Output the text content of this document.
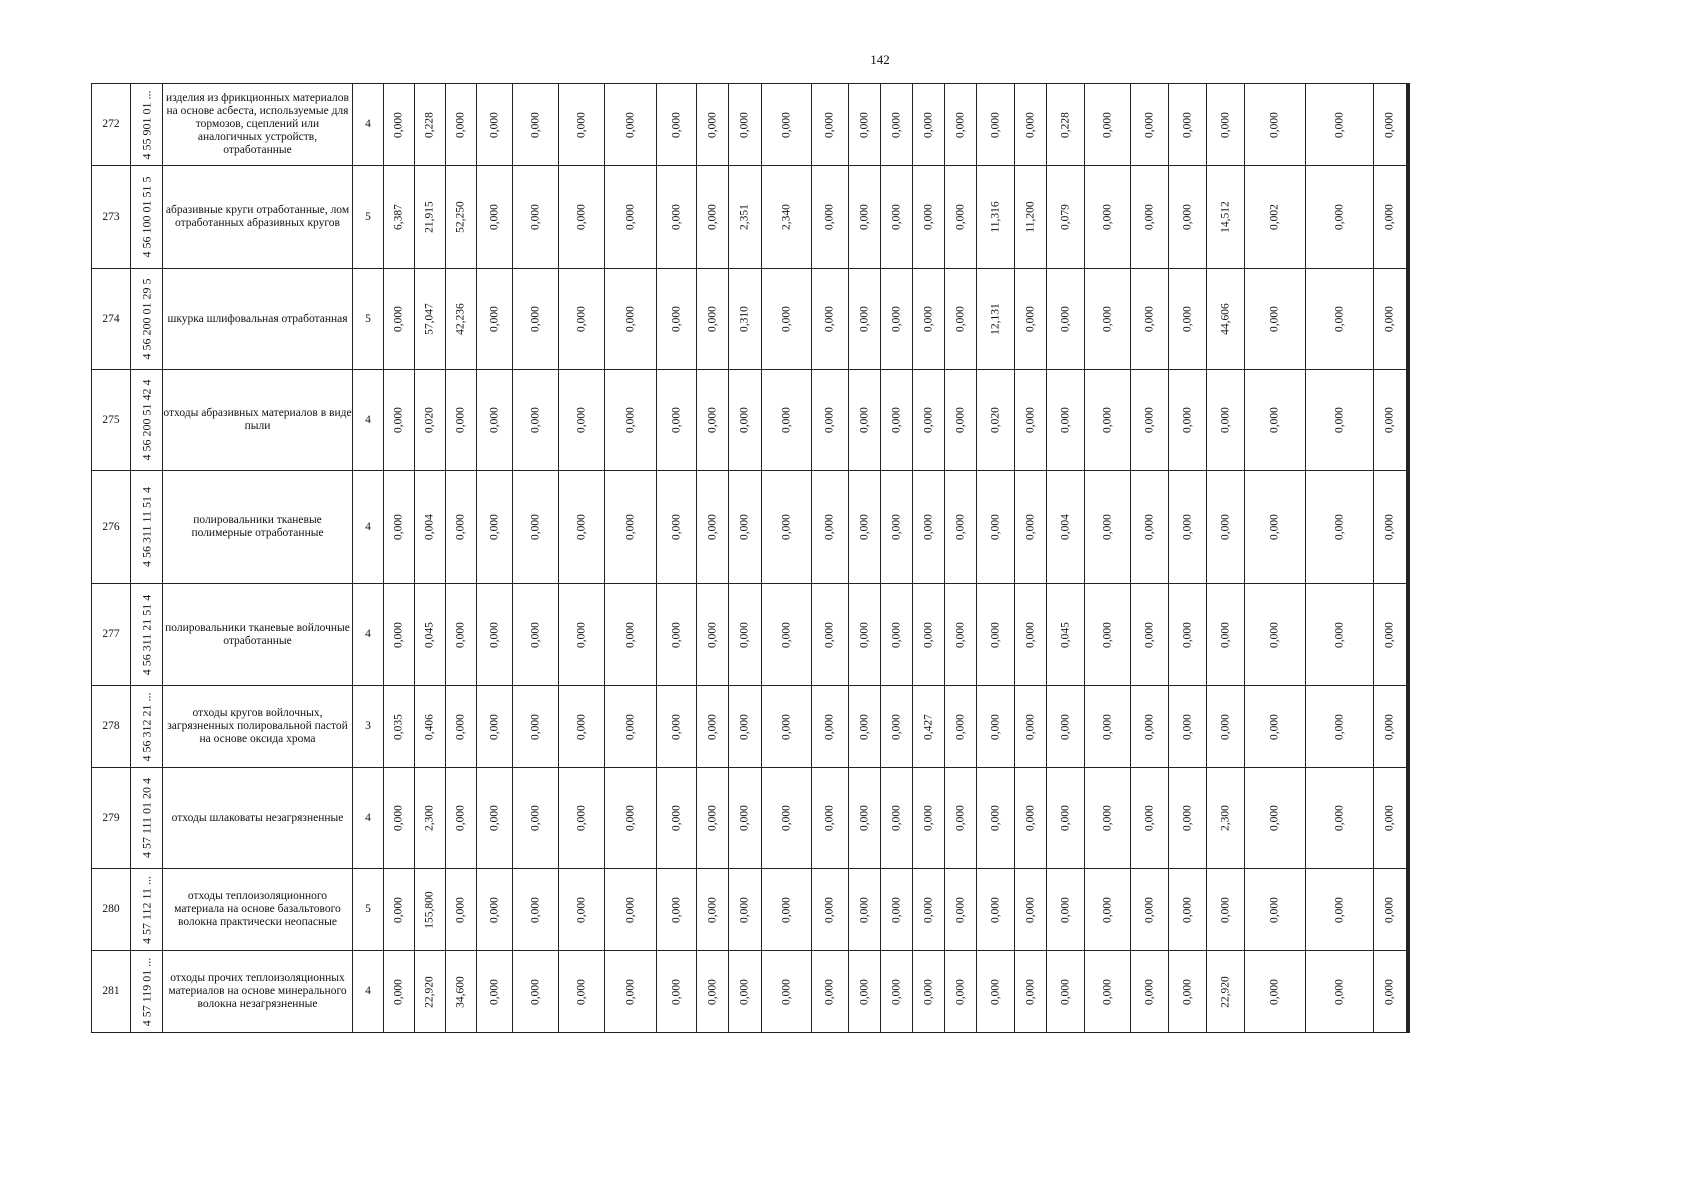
142
272	4 55 901 01 ...	изделия из фрикционных материалов на основе асбеста, используемые для тормозов, сцеплений или аналогичных устройств, отработанные	4	0,000	0,228	0,000	0,000	0,000	0,000	0,000	0,000	0,000	0,000	0,000	0,000	0,000	0,000	0,000	0,000	0,000	0,000	0,228	0,000	0,000	0,000	0,000	0,000	0,000	0,000

273	4 56 100 01 51 5	абразивные круги отработанные, лом отработанных абразивных кругов	5	6,387	21,915	52,250	0,000	0,000	0,000	0,000	0,000	0,000	2,351	2,340	0,000	0,000	0,000	0,000	0,000	11,316	11,200	0,079	0,000	0,000	0,000	14,512	0,002	0,000	0,000

274	4 56 200 01 29 5	шкурка шлифовальная отработанная	5	0,000	57,047	42,236	0,000	0,000	0,000	0,000	0,000	0,000	0,310	0,000	0,000	0,000	0,000	0,000	0,000	12,131	0,000	0,000	0,000	0,000	0,000	44,606	0,000	0,000	0,000

275	4 56 200 51 42 4	отходы абразивных материалов в виде пыли	4	0,000	0,020	0,000	0,000	0,000	0,000	0,000	0,000	0,000	0,000	0,000	0,000	0,000	0,000	0,000	0,000	0,020	0,000	0,000	0,000	0,000	0,000	0,000	0,000	0,000	0,000

276	4 56 311 11 51 4	полировальники тканевые полимерные отработанные	4	0,000	0,004	0,000	0,000	0,000	0,000	0,000	0,000	0,000	0,000	0,000	0,000	0,000	0,000	0,000	0,000	0,000	0,000	0,004	0,000	0,000	0,000	0,000	0,000	0,000	0,000

277	4 56 311 21 51 4	полировальники тканевые войлочные отработанные	4	0,000	0,045	0,000	0,000	0,000	0,000	0,000	0,000	0,000	0,000	0,000	0,000	0,000	0,000	0,000	0,000	0,000	0,000	0,045	0,000	0,000	0,000	0,000	0,000	0,000	0,000

278	4 56 312 21 ...	отходы кругов войлочных, загрязненных полировальной пастой на основе оксида хрома	3	0,035	0,406	0,000	0,000	0,000	0,000	0,000	0,000	0,000	0,000	0,000	0,000	0,000	0,000	0,427	0,000	0,000	0,000	0,000	0,000	0,000	0,000	0,000	0,000	0,000	0,000

279	4 57 111 01 20 4	отходы шлаковаты незагрязненные	4	0,000	2,300	0,000	0,000	0,000	0,000	0,000	0,000	0,000	0,000	0,000	0,000	0,000	0,000	0,000	0,000	0,000	0,000	0,000	0,000	0,000	0,000	2,300	0,000	0,000	0,000

280	4 57 112 11 ...	отходы теплоизоляционного материала на основе базальтового волокна практически неопасные	5	0,000	155,800	0,000	0,000	0,000	0,000	0,000	0,000	0,000	0,000	0,000	0,000	0,000	0,000	0,000	0,000	0,000	0,000	0,000	0,000	0,000	0,000	0,000	0,000	0,000	0,000

281	4 57 119 01 ...	отходы прочих теплоизоляционных материалов на основе минерального волокна незагрязненные	4	0,000	22,920	34,600	0,000	0,000	0,000	0,000	0,000	0,000	0,000	0,000	0,000	0,000	0,000	0,000	0,000	0,000	0,000	0,000	0,000	0,000	0,000	22,920	0,000	0,000	0,000
